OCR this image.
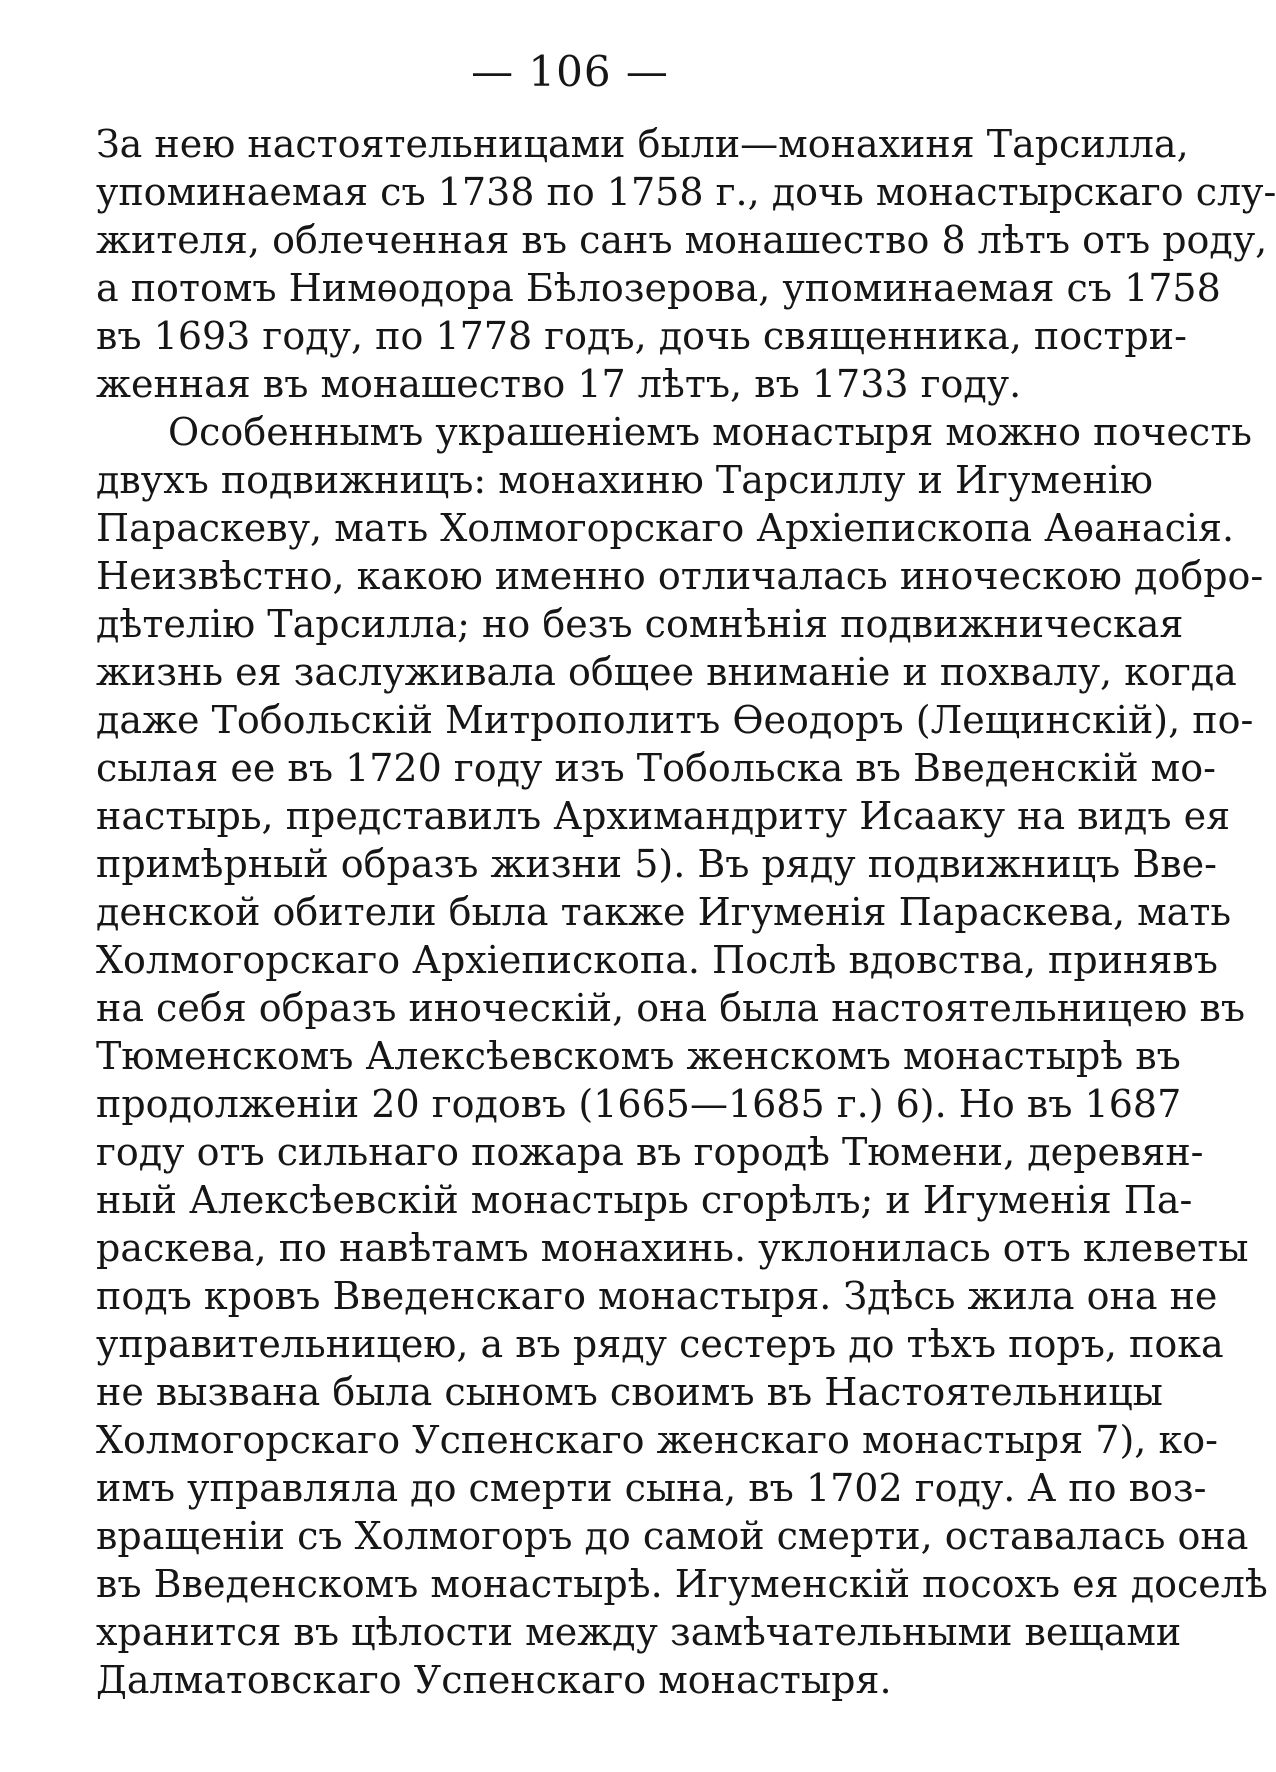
— 106 —
За нею настоятельницами были—монахиня Тарсилла,
упоминаемая съ 1738 по 1758 г., дочь монастырскаго слу-
жителя, облеченная въ санъ монашество 8 лѣтъ отъ роду,
а потомъ Нимѳодора Бѣлозерова, упоминаемая съ 1758
въ 1693 году, по 1778 годъ, дочь священника, постри-
женная въ монашество 17 лѣтъ, въ 1733 году.
Особеннымъ украшеніемъ монастыря можно почесть
двухъ подвижницъ: монахиню Тарсиллу и Игуменію
Параскеву, мать Холмогорскаго Архіепископа Аѳанасія.
Неизвѣстно, какою именно отличалась иноческою добро-
дѣтелію Тарсилла; но безъ сомнѣнія подвижническая
жизнь ея заслуживала общее вниманіе и похвалу, когда
даже Тобольскій Митрополитъ Ѳеодоръ (Лещинскій), по-
сылая ее въ 1720 году изъ Тобольска въ Введенскій мо-
настырь, представилъ Архимандриту Исааку на видъ ея
примѣрный образъ жизни 5). Въ ряду подвижницъ Вве-
денской обители была также Игуменія Параскева, мать
Холмогорскаго Архіепископа. Послѣ вдовства, принявъ
на себя образъ иноческій, она была настоятельницею въ
Тюменскомъ Алексѣевскомъ женскомъ монастырѣ въ
продолженіи 20 годовъ (1665—1685 г.) 6). Но въ 1687
году отъ сильнаго пожара въ городѣ Тюмени, деревян-
ный Алексѣевскій монастырь сгорѣлъ; и Игуменія Па-
раскева, по навѣтамъ монахинь. уклонилась отъ клеветы
подъ кровъ Введенскаго монастыря. Здѣсь жила она не
управительницею, а въ ряду сестеръ до тѣхъ поръ, пока
не вызвана была сыномъ своимъ въ Настоятельницы
Холмогорскаго Успенскаго женскаго монастыря 7), ко-
имъ управляла до смерти сына, въ 1702 году. А по воз-
вращеніи съ Холмогоръ до самой смерти, оставалась она
въ Введенскомъ монастырѣ. Игуменскій посохъ ея доселѣ
хранится въ цѣлости между замѣчательными вещами
Далматовскаго Успенскаго монастыря.
